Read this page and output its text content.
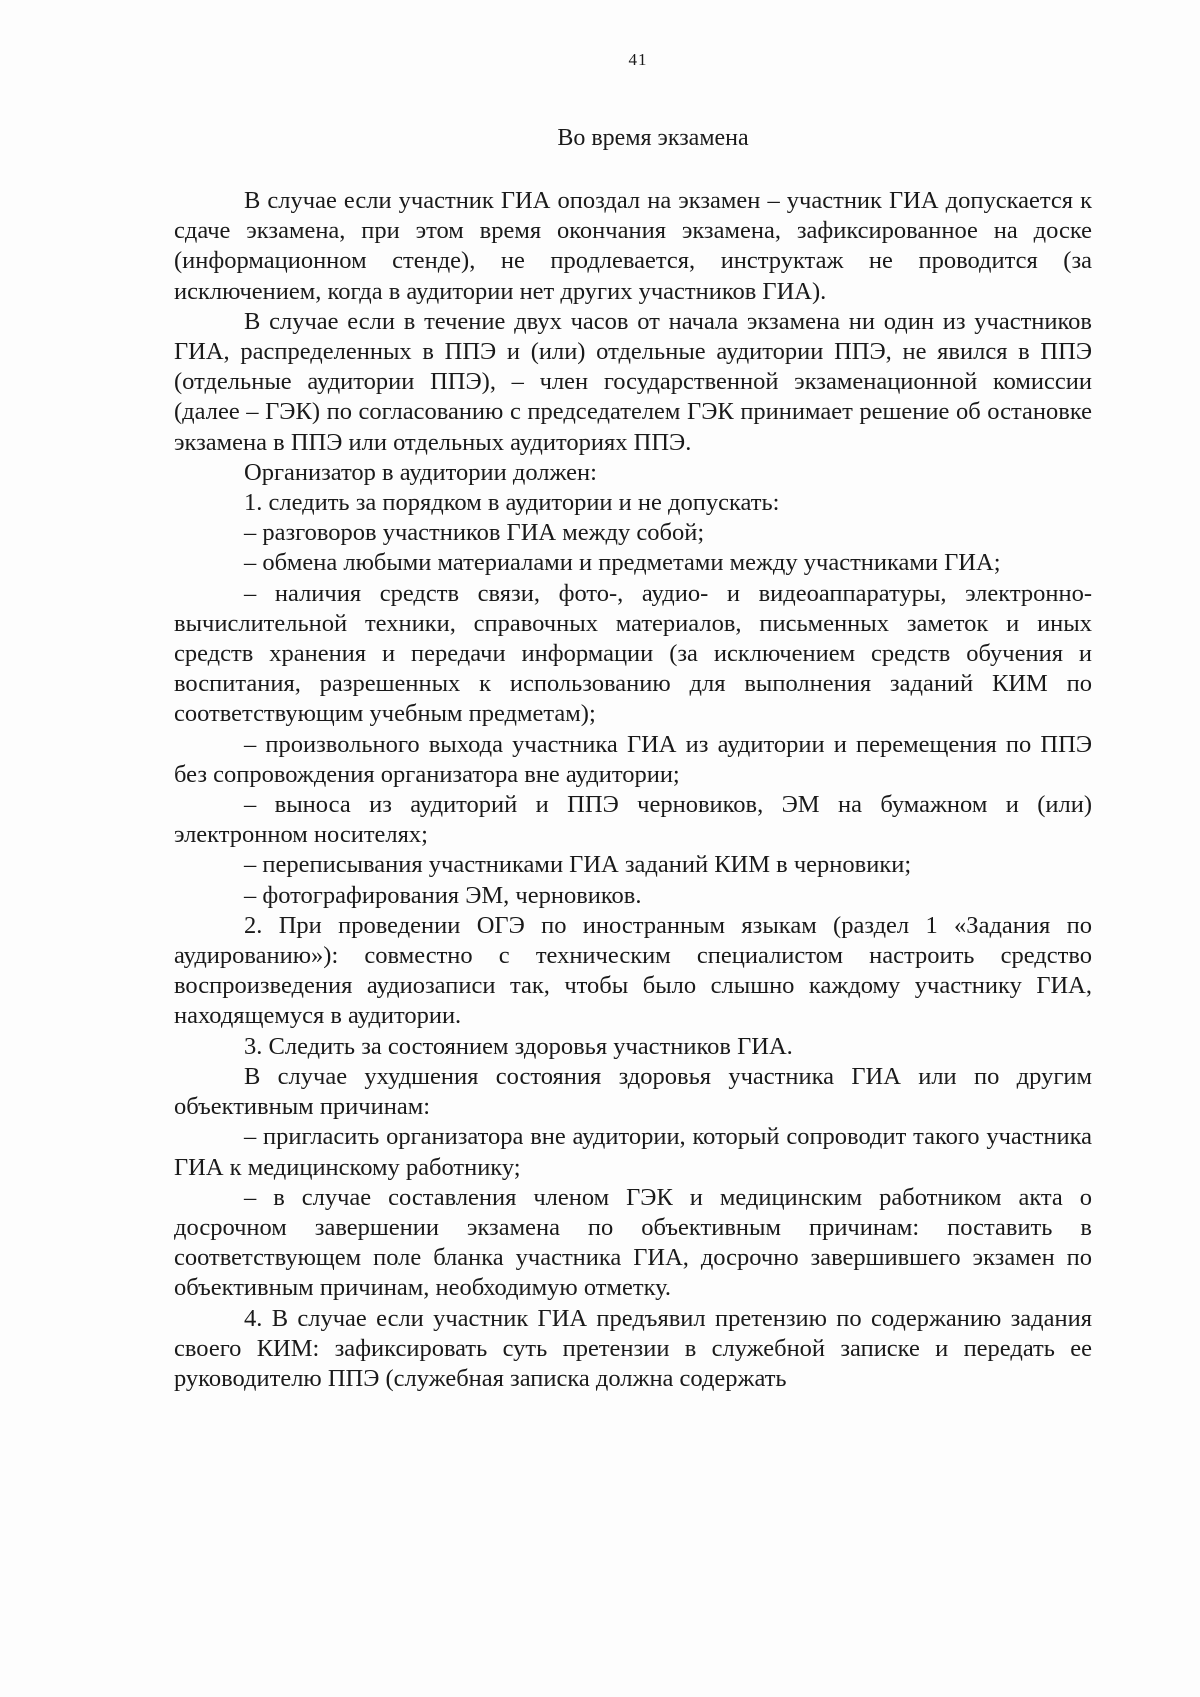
41
Во время экзамена

В случае если участник ГИА опоздал на экзамен – участник ГИА допускается к сдаче экзамена, при этом время окончания экзамена, зафиксированное на доске (информационном стенде), не продлевается, инструктаж не проводится (за исключением, когда в аудитории нет других участников ГИА).

В случае если в течение двух часов от начала экзамена ни один из участников ГИА, распределенных в ППЭ и (или) отдельные аудитории ППЭ, не явился в ППЭ (отдельные аудитории ППЭ), – член государственной экзаменационной комиссии (далее – ГЭК) по согласованию с председателем ГЭК принимает решение об остановке экзамена в ППЭ или отдельных аудиториях ППЭ.

Организатор в аудитории должен:

1. следить за порядком в аудитории и не допускать:

– разговоров участников ГИА между собой;

– обмена любыми материалами и предметами между участниками ГИА;

– наличия средств связи, фото-, аудио- и видеоаппаратуры, электронно-вычислительной техники, справочных материалов, письменных заметок и иных средств хранения и передачи информации (за исключением средств обучения и воспитания, разрешенных к использованию для выполнения заданий КИМ по соответствующим учебным предметам);

– произвольного выхода участника ГИА из аудитории и перемещения по ППЭ без сопровождения организатора вне аудитории;

– выноса из аудиторий и ППЭ черновиков, ЭМ на бумажном и (или) электронном носителях;

– переписывания участниками ГИА заданий КИМ в черновики;

– фотографирования ЭМ, черновиков.

2. При проведении ОГЭ по иностранным языкам (раздел 1 «Задания по аудированию»): совместно с техническим специалистом настроить средство воспроизведения аудиозаписи так, чтобы было слышно каждому участнику ГИА, находящемуся в аудитории.

3. Следить за состоянием здоровья участников ГИА.

В случае ухудшения состояния здоровья участника ГИА или по другим объективным причинам:

– пригласить организатора вне аудитории, который сопроводит такого участника ГИА к медицинскому работнику;

– в случае составления членом ГЭК и медицинским работником акта о досрочном завершении экзамена по объективным причинам: поставить в соответствующем поле бланка участника ГИА, досрочно завершившего экзамен по объективным причинам, необходимую отметку.

4. В случае если участник ГИА предъявил претензию по содержанию задания своего КИМ: зафиксировать суть претензии в служебной записке и передать ее руководителю ППЭ (служебная записка должна содержать
